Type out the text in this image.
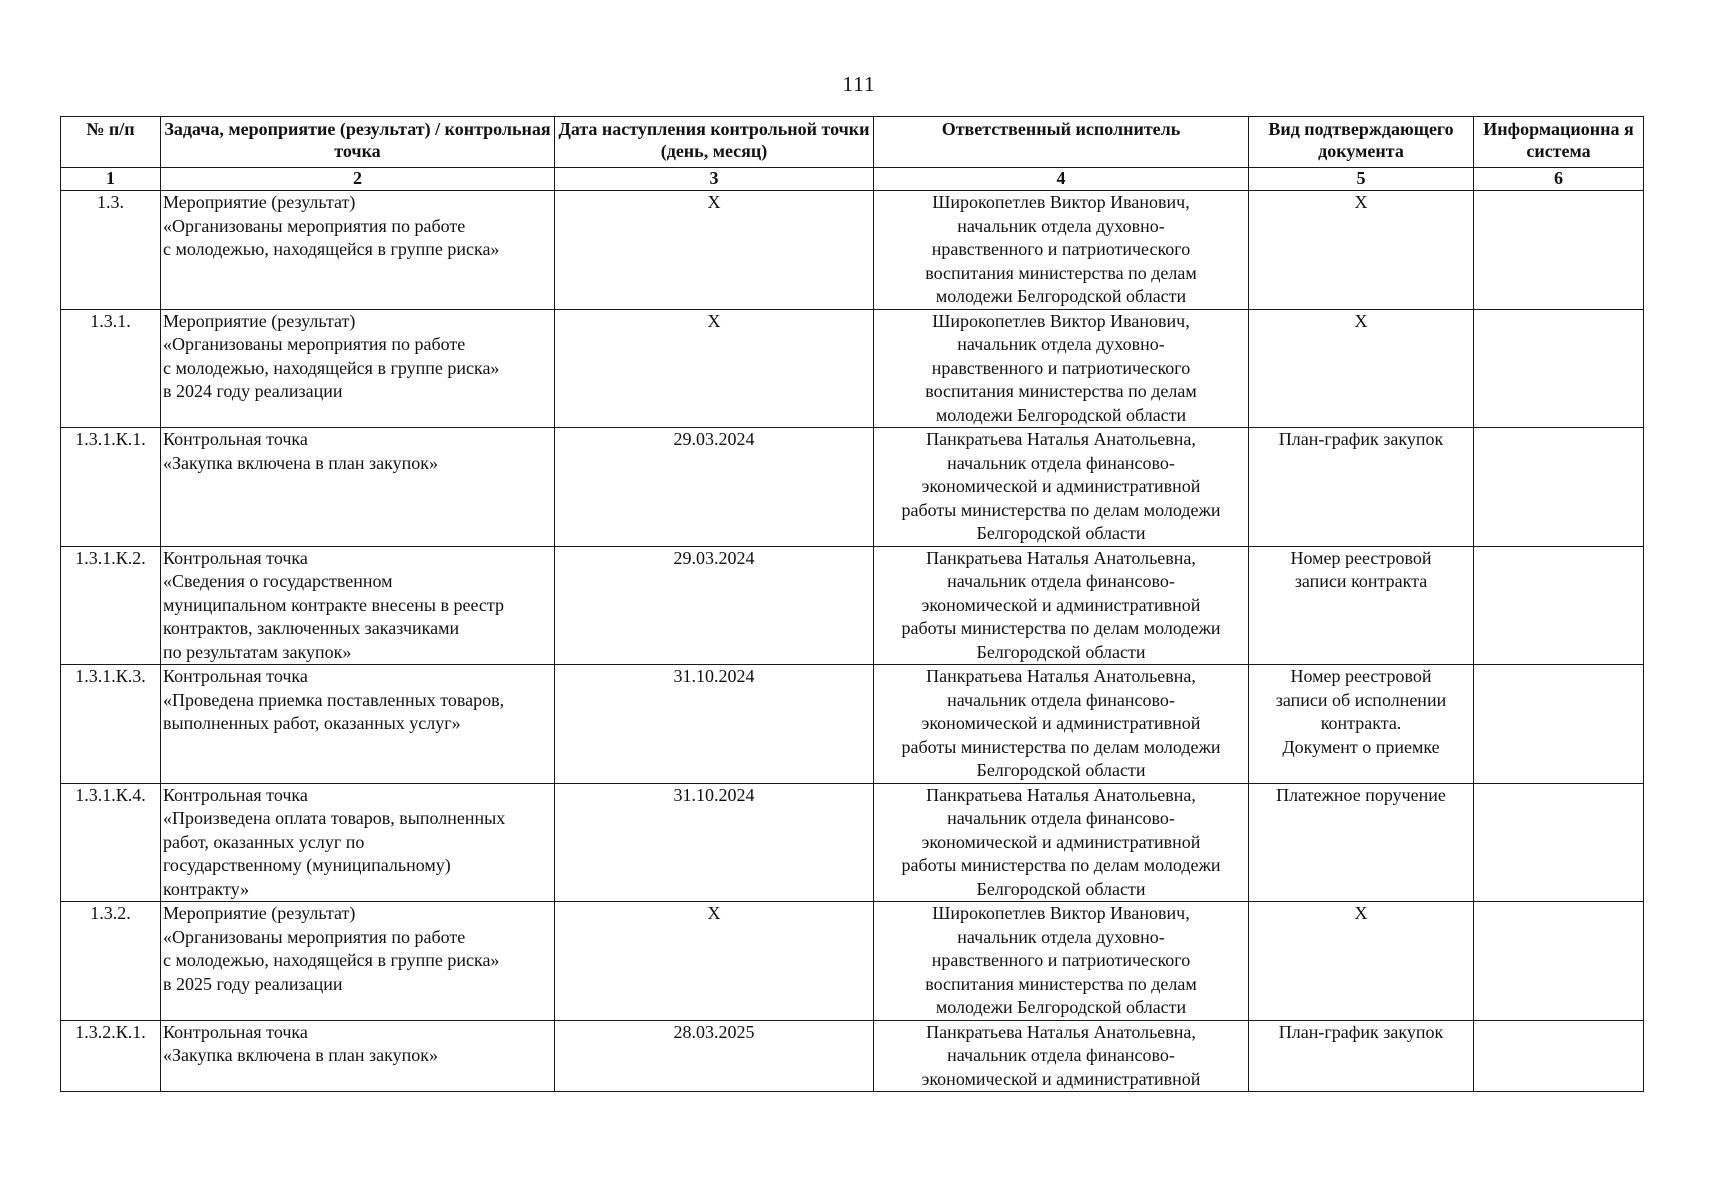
111
№ п/п	Задача, мероприятие (результат) / контрольная точка	Дата наступления контрольной точки (день, месяц)	Ответственный исполнитель	Вид подтверждающего документа	Информационна я система
1	2	3	4	5	6
1.3.	Мероприятие (результат)
«Организованы мероприятия по работе
с молодежью, находящейся в группе риска»	Х	Широкопетлев Виктор Иванович,
начальник отдела духовно-
нравственного и патриотического
воспитания министерства по делам
молодежи Белгородской области	Х	

1.3.1.	Мероприятие (результат)
«Организованы мероприятия по работе
с молодежью, находящейся в группе риска»
в 2024 году реализации	Х	Широкопетлев Виктор Иванович,
начальник отдела духовно-
нравственного и патриотического
воспитания министерства по делам
молодежи Белгородской области	Х	

1.3.1.К.1.	Контрольная точка
«Закупка включена в план закупок»	29.03.2024	Панкратьева Наталья Анатольевна,
начальник отдела финансово-
экономической и административной
работы министерства по делам молодежи
Белгородской области	План-график закупок	

1.3.1.К.2.	Контрольная точка
«Сведения о государственном
муниципальном контракте внесены в реестр
контрактов, заключенных заказчиками
по результатам закупок»	29.03.2024	Панкратьева Наталья Анатольевна,
начальник отдела финансово-
экономической и административной
работы министерства по делам молодежи
Белгородской области	Номер реестровой
записи контракта	

1.3.1.К.3.	Контрольная точка
«Проведена приемка поставленных товаров,
выполненных работ, оказанных услуг»	31.10.2024	Панкратьева Наталья Анатольевна,
начальник отдела финансово-
экономической и административной
работы министерства по делам молодежи
Белгородской области	Номер реестровой
записи об исполнении
контракта.
Документ о приемке	

1.3.1.К.4.	Контрольная точка
«Произведена оплата товаров, выполненных
работ, оказанных услуг по
государственному (муниципальному)
контракту»	31.10.2024	Панкратьева Наталья Анатольевна,
начальник отдела финансово-
экономической и административной
работы министерства по делам молодежи
Белгородской области	Платежное поручение	

1.3.2.	Мероприятие (результат)
«Организованы мероприятия по работе
с молодежью, находящейся в группе риска»
в 2025 году реализации	Х	Широкопетлев Виктор Иванович,
начальник отдела духовно-
нравственного и патриотического
воспитания министерства по делам
молодежи Белгородской области	Х	

1.3.2.К.1.	Контрольная точка
«Закупка включена в план закупок»	28.03.2025	Панкратьева Наталья Анатольевна,
начальник отдела финансово-
экономической и административной	План-график закупок	
